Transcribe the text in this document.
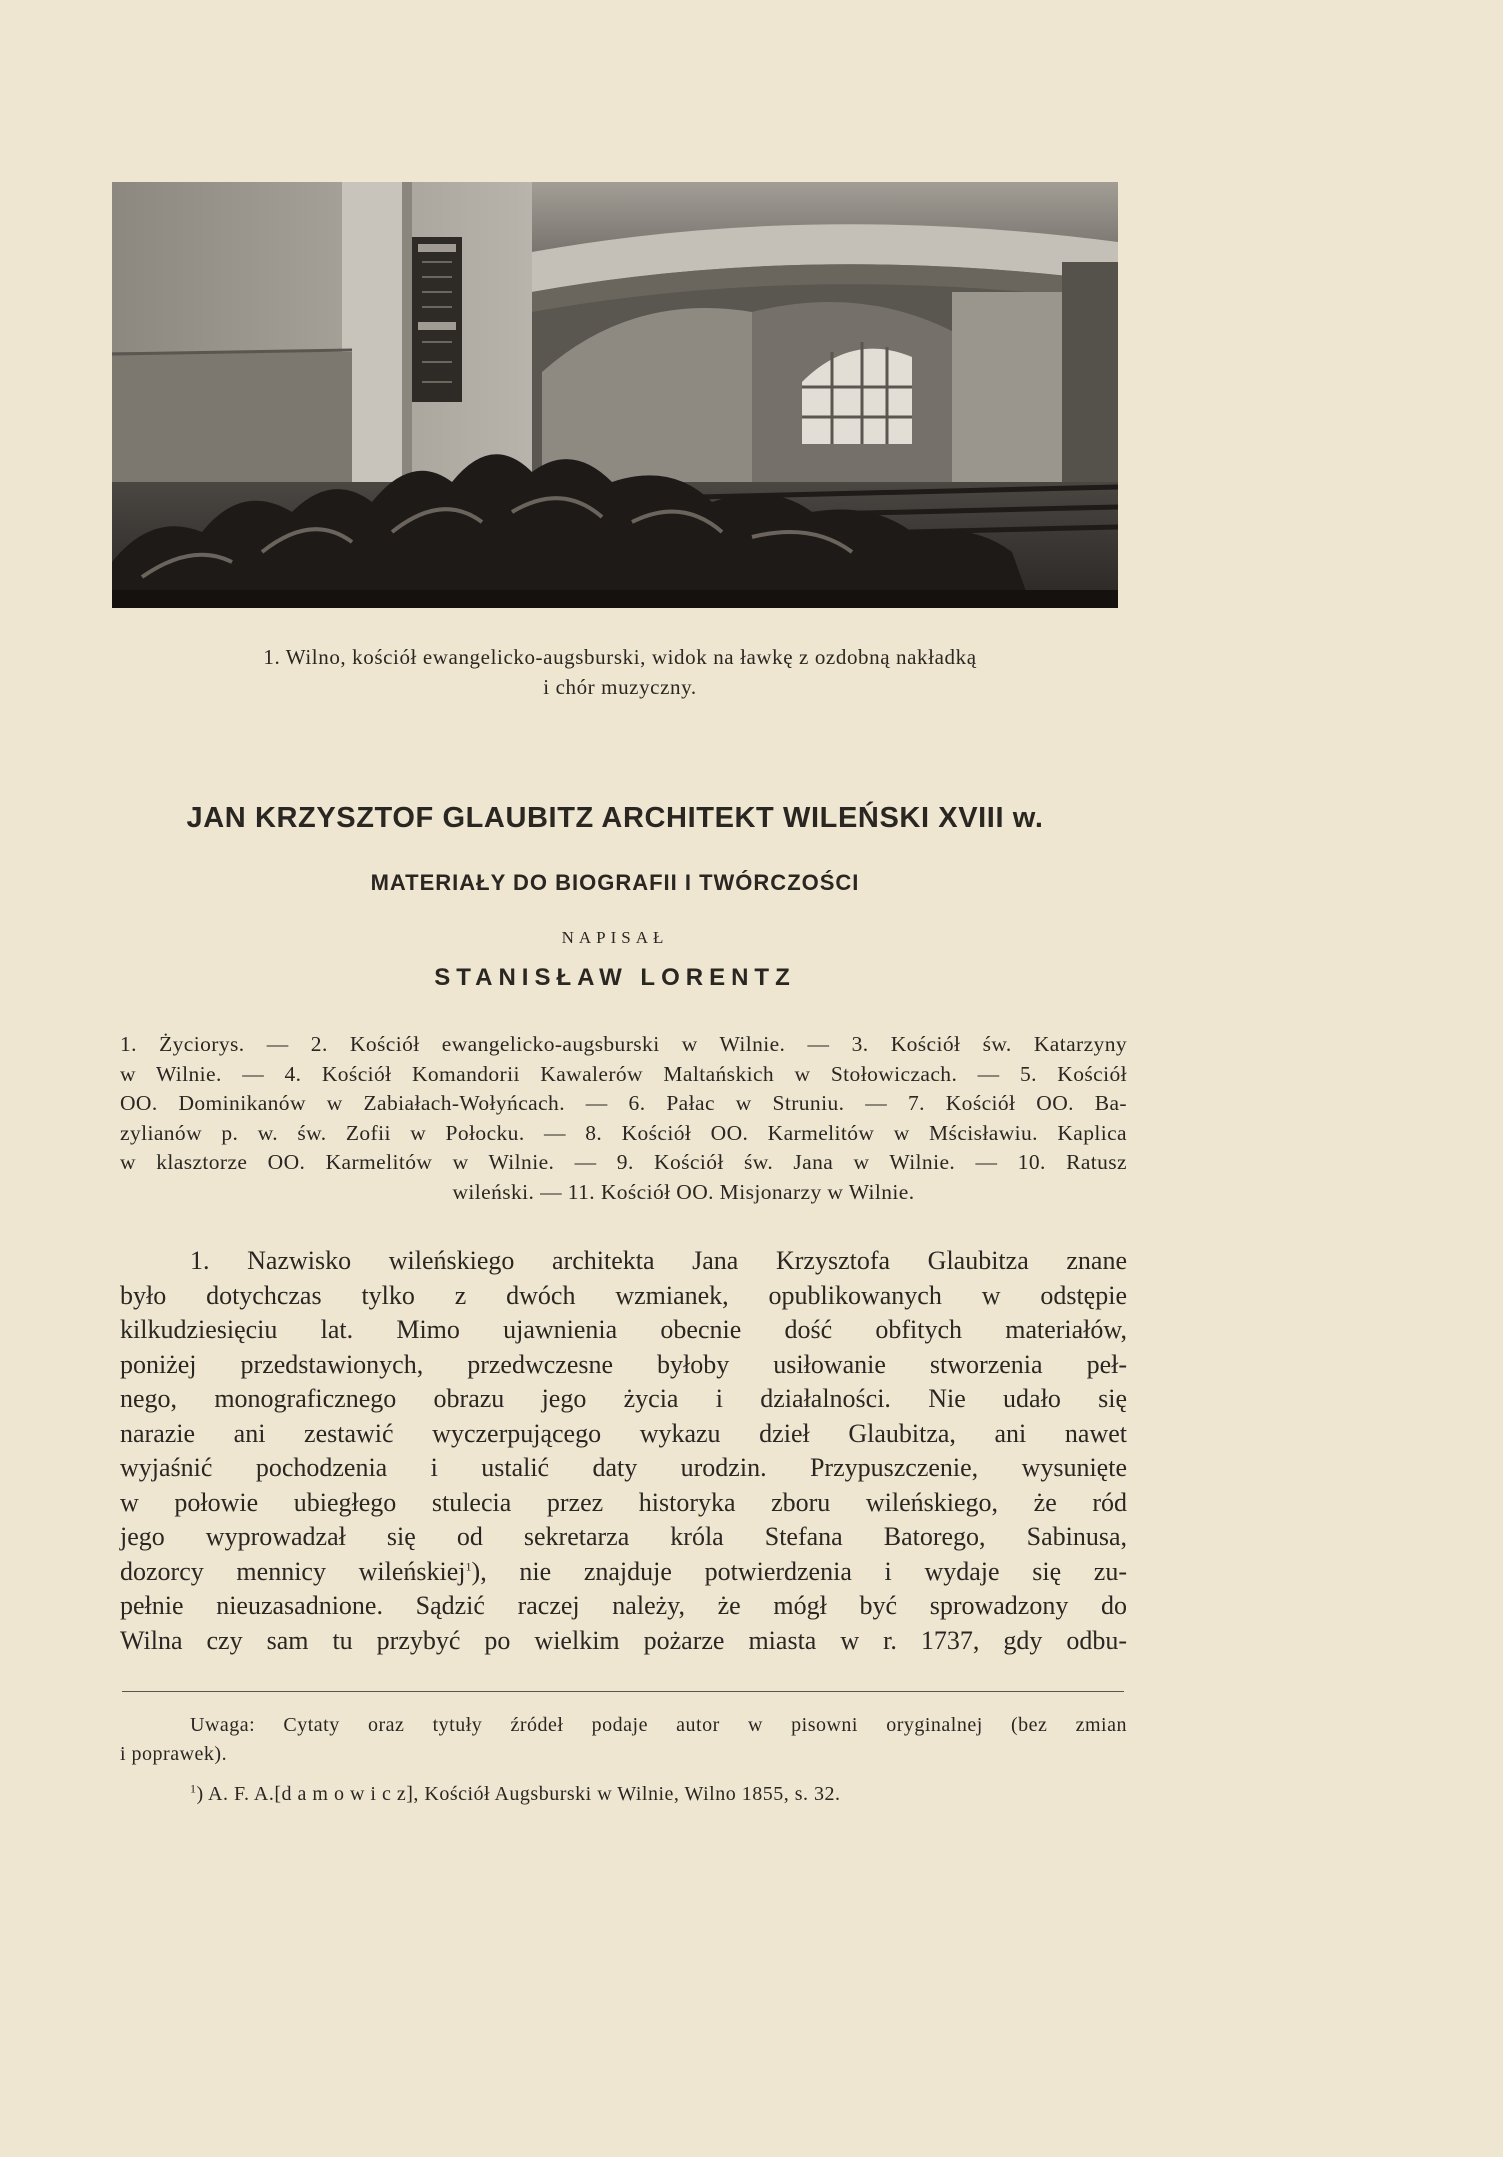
1. Wilno, kościół ewangelicko-augsburski, widok na ławkę z ozdobną nakładką
i chór muzyczny.
JAN KRZYSZTOF GLAUBITZ ARCHITEKT WILEŃSKI XVIII w.
MATERIAŁY DO BIOGRAFII I TWÓRCZOŚCI
NAPISAŁ
STANISŁAW LORENTZ
1. Życiorys. — 2. Kościół ewangelicko-augsburski w Wilnie. — 3. Kościół św. Katarzyny
w Wilnie. — 4. Kościół Komandorii Kawalerów Maltańskich w Stołowiczach. — 5. Kościół
OO. Dominikanów w Zabiałach-Wołyńcach. — 6. Pałac w Struniu. — 7. Kościół OO. Ba-
zylianów p. w. św. Zofii w Połocku. — 8. Kościół OO. Karmelitów w Mścisławiu. Kaplica
w klasztorze OO. Karmelitów w Wilnie. — 9. Kościół św. Jana w Wilnie. — 10. Ratusz
wileński. — 11. Kościół OO. Misjonarzy w Wilnie.
1. Nazwisko wileńskiego architekta Jana Krzysztofa Glaubitza znane
było dotychczas tylko z dwóch wzmianek, opublikowanych w odstępie
kilkudziesięciu lat. Mimo ujawnienia obecnie dość obfitych materiałów,
poniżej przedstawionych, przedwczesne byłoby usiłowanie stworzenia peł-
nego, monograficznego obrazu jego życia i działalności. Nie udało się
narazie ani zestawić wyczerpującego wykazu dzieł Glaubitza, ani nawet
wyjaśnić pochodzenia i ustalić daty urodzin. Przypuszczenie, wysunięte
w połowie ubiegłego stulecia przez historyka zboru wileńskiego, że ród
jego wyprowadzał się od sekretarza króla Stefana Batorego, Sabinusa,
dozorcy mennicy wileńskiej$^1$), nie znajduje potwierdzenia i wydaje się zu-
pełnie nieuzasadnione. Sądzić raczej należy, że mógł być sprowadzony do
Wilna czy sam tu przybyć po wielkim pożarze miasta w r. 1737, gdy odbu-
Uwaga: Cytaty oraz tytuły źródeł podaje autor w pisowni oryginalnej (bez zmian
i poprawek).
$^1$) A. F. A.[d a m o w i c z], Kościół Augsburski w Wilnie, Wilno 1855, s. 32.
